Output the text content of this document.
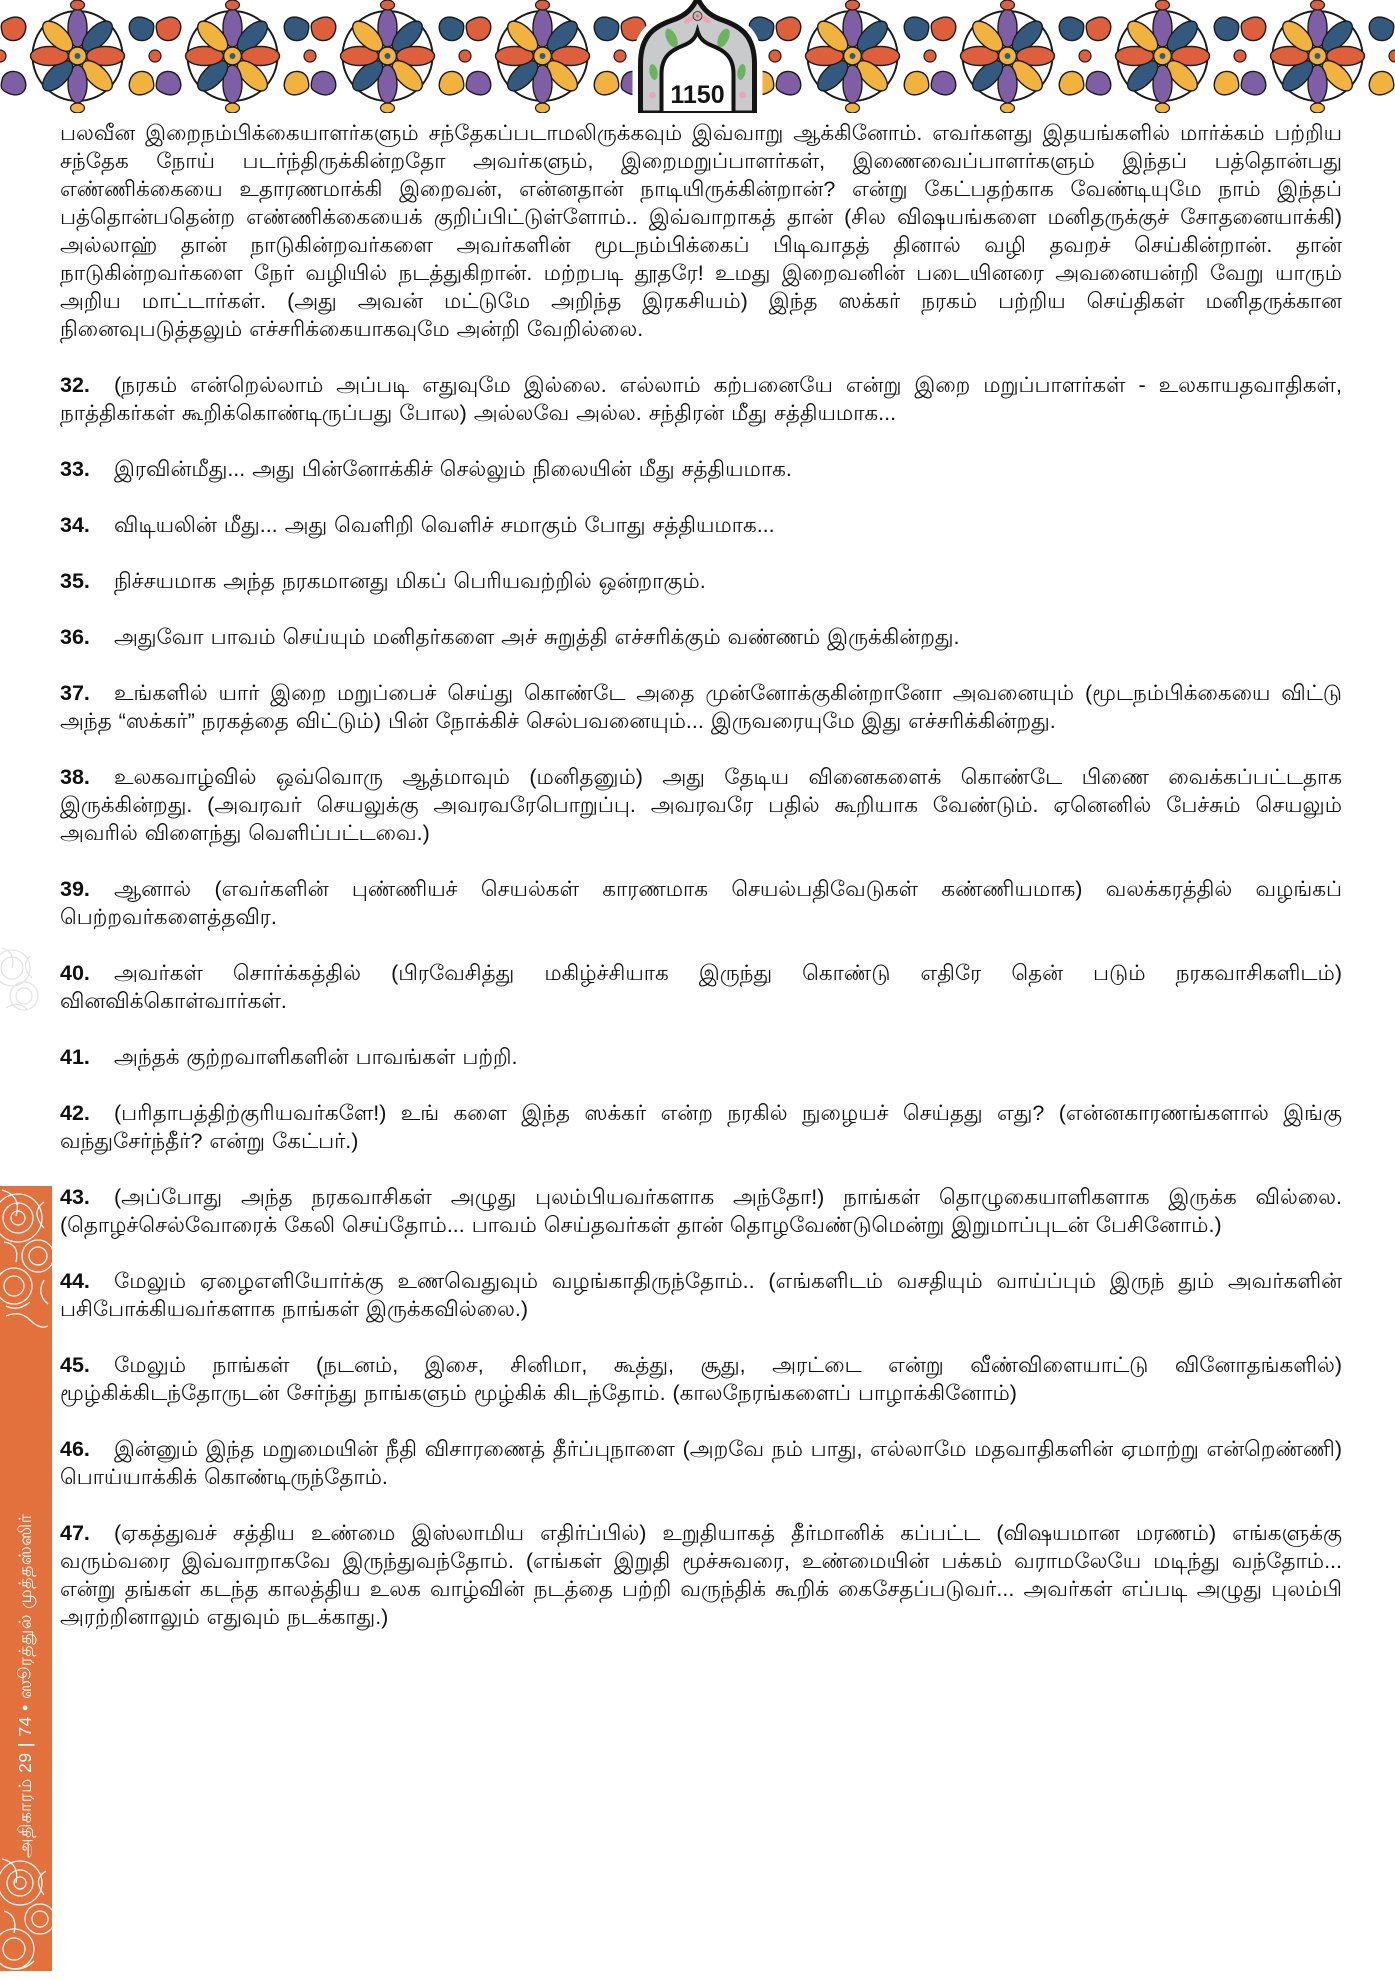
1150
அதிகாரம் 29 | 74 • ஸூரத்துல் முத்தஸ்ஸிர்

பலவீன இறைநம்பிக்கையாளர்களும் சந்தேகப்படாமலிருக்கவும் இவ்வாறு ஆக்கினோம். எவர்களது இதயங்களில் மார்க்கம் பற்றிய சந்தேக நோய் படர்ந்திருக்கின்றதோ அவர்களும், இறைமறுப்பாளர்கள், இணைவைப்பாளர்களும் இந்தப் பத்தொன்பது எண்ணிக்கையை உதாரணமாக்கி இறைவன், என்னதான் நாடியிருக்கின்றான்? என்று கேட்பதற்காக வேண்டியுமே நாம் இந்தப் பத்தொன்பதென்ற எண்ணிக்கையைக் குறிப்பிட்டுள்ளோம்.. இவ்வாறாகத் தான் (சில விஷயங்களை மனிதருக்குச் சோதனையாக்கி) அல்லாஹ் தான் நாடுகின்றவர்களை அவர்களின் மூடநம்பிக்கைப் பிடிவாதத் தினால் வழி தவறச் செய்கின்றான். தான் நாடுகின்றவர்களை நேர் வழியில் நடத்துகிறான். மற்றபடி தூதரே! உமது இறைவனின் படையினரை அவனையன்றி வேறு யாரும் அறிய மாட்டார்கள். (அது அவன் மட்டுமே அறிந்த இரகசியம்) இந்த ஸக்கர் நரகம் பற்றிய செய்திகள் மனிதருக்கான நினைவுபடுத்தலும் எச்சரிக்கையாகவுமே அன்றி வேறில்லை.

32. (நரகம் என்றெல்லாம் அப்படி எதுவுமே இல்லை. எல்லாம் கற்பனையே என்று இறை மறுப்பாளர்கள் - உலகாயதவாதிகள், நாத்திகர்கள் கூறிக்கொண்டிருப்பது போல) அல்லவே அல்ல. சந்திரன் மீது சத்தியமாக...

33. இரவின்மீது... அது பின்னோக்கிச் செல்லும் நிலையின் மீது சத்தியமாக.

34. விடியலின் மீது... அது வெளிறி வெளிச் சமாகும் போது சத்தியமாக...

35. நிச்சயமாக அந்த நரகமானது மிகப் பெரியவற்றில் ஒன்றாகும்.

36. அதுவோ பாவம் செய்யும் மனிதர்களை அச் சுறுத்தி எச்சரிக்கும் வண்ணம் இருக்கின்றது.

37. உங்களில் யார் இறை மறுப்பைச் செய்து கொண்டே அதை முன்னோக்குகின்றானோ அவனையும் (மூடநம்பிக்கையை விட்டு அந்த “ஸக்கர்” நரகத்தை விட்டும்) பின் நோக்கிச் செல்பவனையும்... இருவரையுமே இது எச்சரிக்கின்றது.

38. உலகவாழ்வில் ஒவ்வொரு ஆத்மாவும் (மனிதனும்) அது தேடிய வினைகளைக் கொண்டே பிணை வைக்கப்பட்டதாக இருக்கின்றது. (அவரவர் செயலுக்கு அவரவரேபொறுப்பு. அவரவரே பதில் கூறியாக வேண்டும். ஏனெனில் பேச்சும் செயலும் அவரில் விளைந்து வெளிப்பட்டவை.)

39. ஆனால் (எவர்களின் புண்ணியச் செயல்கள் காரணமாக செயல்பதிவேடுகள் கண்ணியமாக) வலக்கரத்தில் வழங்கப் பெற்றவர்களைத்தவிர.

40. அவர்கள் சொர்க்கத்தில் (பிரவேசித்து மகிழ்ச்சியாக இருந்து கொண்டு எதிரே தென் படும் நரகவாசிகளிடம்) வினவிக்கொள்வார்கள்.

41. அந்தக் குற்றவாளிகளின் பாவங்கள் பற்றி.

42. (பரிதாபத்திற்குரியவர்களே!) உங் களை இந்த ஸக்கர் என்ற நரகில் நுழையச் செய்தது எது? (என்னகாரணங்களால் இங்கு வந்துசேர்ந்தீர்? என்று கேட்பர்.)

43. (அப்போது அந்த நரகவாசிகள் அழுது புலம்பியவர்களாக அந்தோ!) நாங்கள் தொழுகையாளிகளாக இருக்க வில்லை. (தொழச்செல்வோரைக் கேலி செய்தோம்... பாவம் செய்தவர்கள் தான் தொழவேண்டுமென்று இறுமாப்புடன் பேசினோம்.)

44. மேலும் ஏழைஎளியோர்க்கு உணவெதுவும் வழங்காதிருந்தோம்.. (எங்களிடம் வசதியும் வாய்ப்பும் இருந் தும் அவர்களின் பசிபோக்கியவர்களாக நாங்கள் இருக்கவில்லை.)

45. மேலும் நாங்கள் (நடனம், இசை, சினிமா, கூத்து, சூது, அரட்டை என்று வீண்விளையாட்டு வினோதங்களில்) மூழ்கிக்கிடந்தோருடன் சேர்ந்து நாங்களும் மூழ்கிக் கிடந்தோம். (காலநேரங்களைப் பாழாக்கினோம்)

46. இன்னும் இந்த மறுமையின் நீதி விசாரணைத் தீர்ப்புநாளை (அறவே நம் பாது, எல்லாமே மதவாதிகளின் ஏமாற்று என்றெண்ணி) பொய்யாக்கிக் கொண்டிருந்தோம்.

47. (ஏகத்துவச் சத்திய உண்மை இஸ்லாமிய எதிர்ப்பில்) உறுதியாகத் தீர்மானிக் கப்பட்ட (விஷயமான மரணம்) எங்களுக்கு வரும்வரை இவ்வாறாகவே இருந்துவந்தோம். (எங்கள் இறுதி மூச்சுவரை, உண்மையின் பக்கம் வராமலேயே மடிந்து வந்தோம்... என்று தங்கள் கடந்த காலத்திய உலக வாழ்வின் நடத்தை பற்றி வருந்திக் கூறிக் கைசேதப்படுவர்... அவர்கள் எப்படி அழுது புலம்பி அரற்றினாலும் எதுவும் நடக்காது.)
